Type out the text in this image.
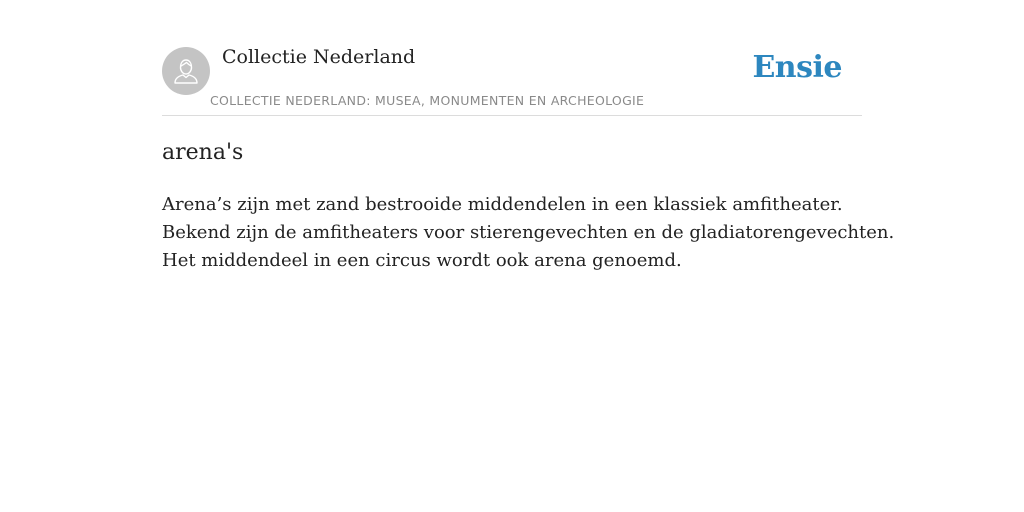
Collectie Nederland
COLLECTIE NEDERLAND: MUSEA, MONUMENTEN EN ARCHEOLOGIE
Ensie
arena's

Arena’s zijn met zand bestrooide middendelen in een klassiek amfitheater.
Bekend zijn de amfitheaters voor stierengevechten en de gladiatorengevechten.
Het middendeel in een circus wordt ook arena genoemd.
